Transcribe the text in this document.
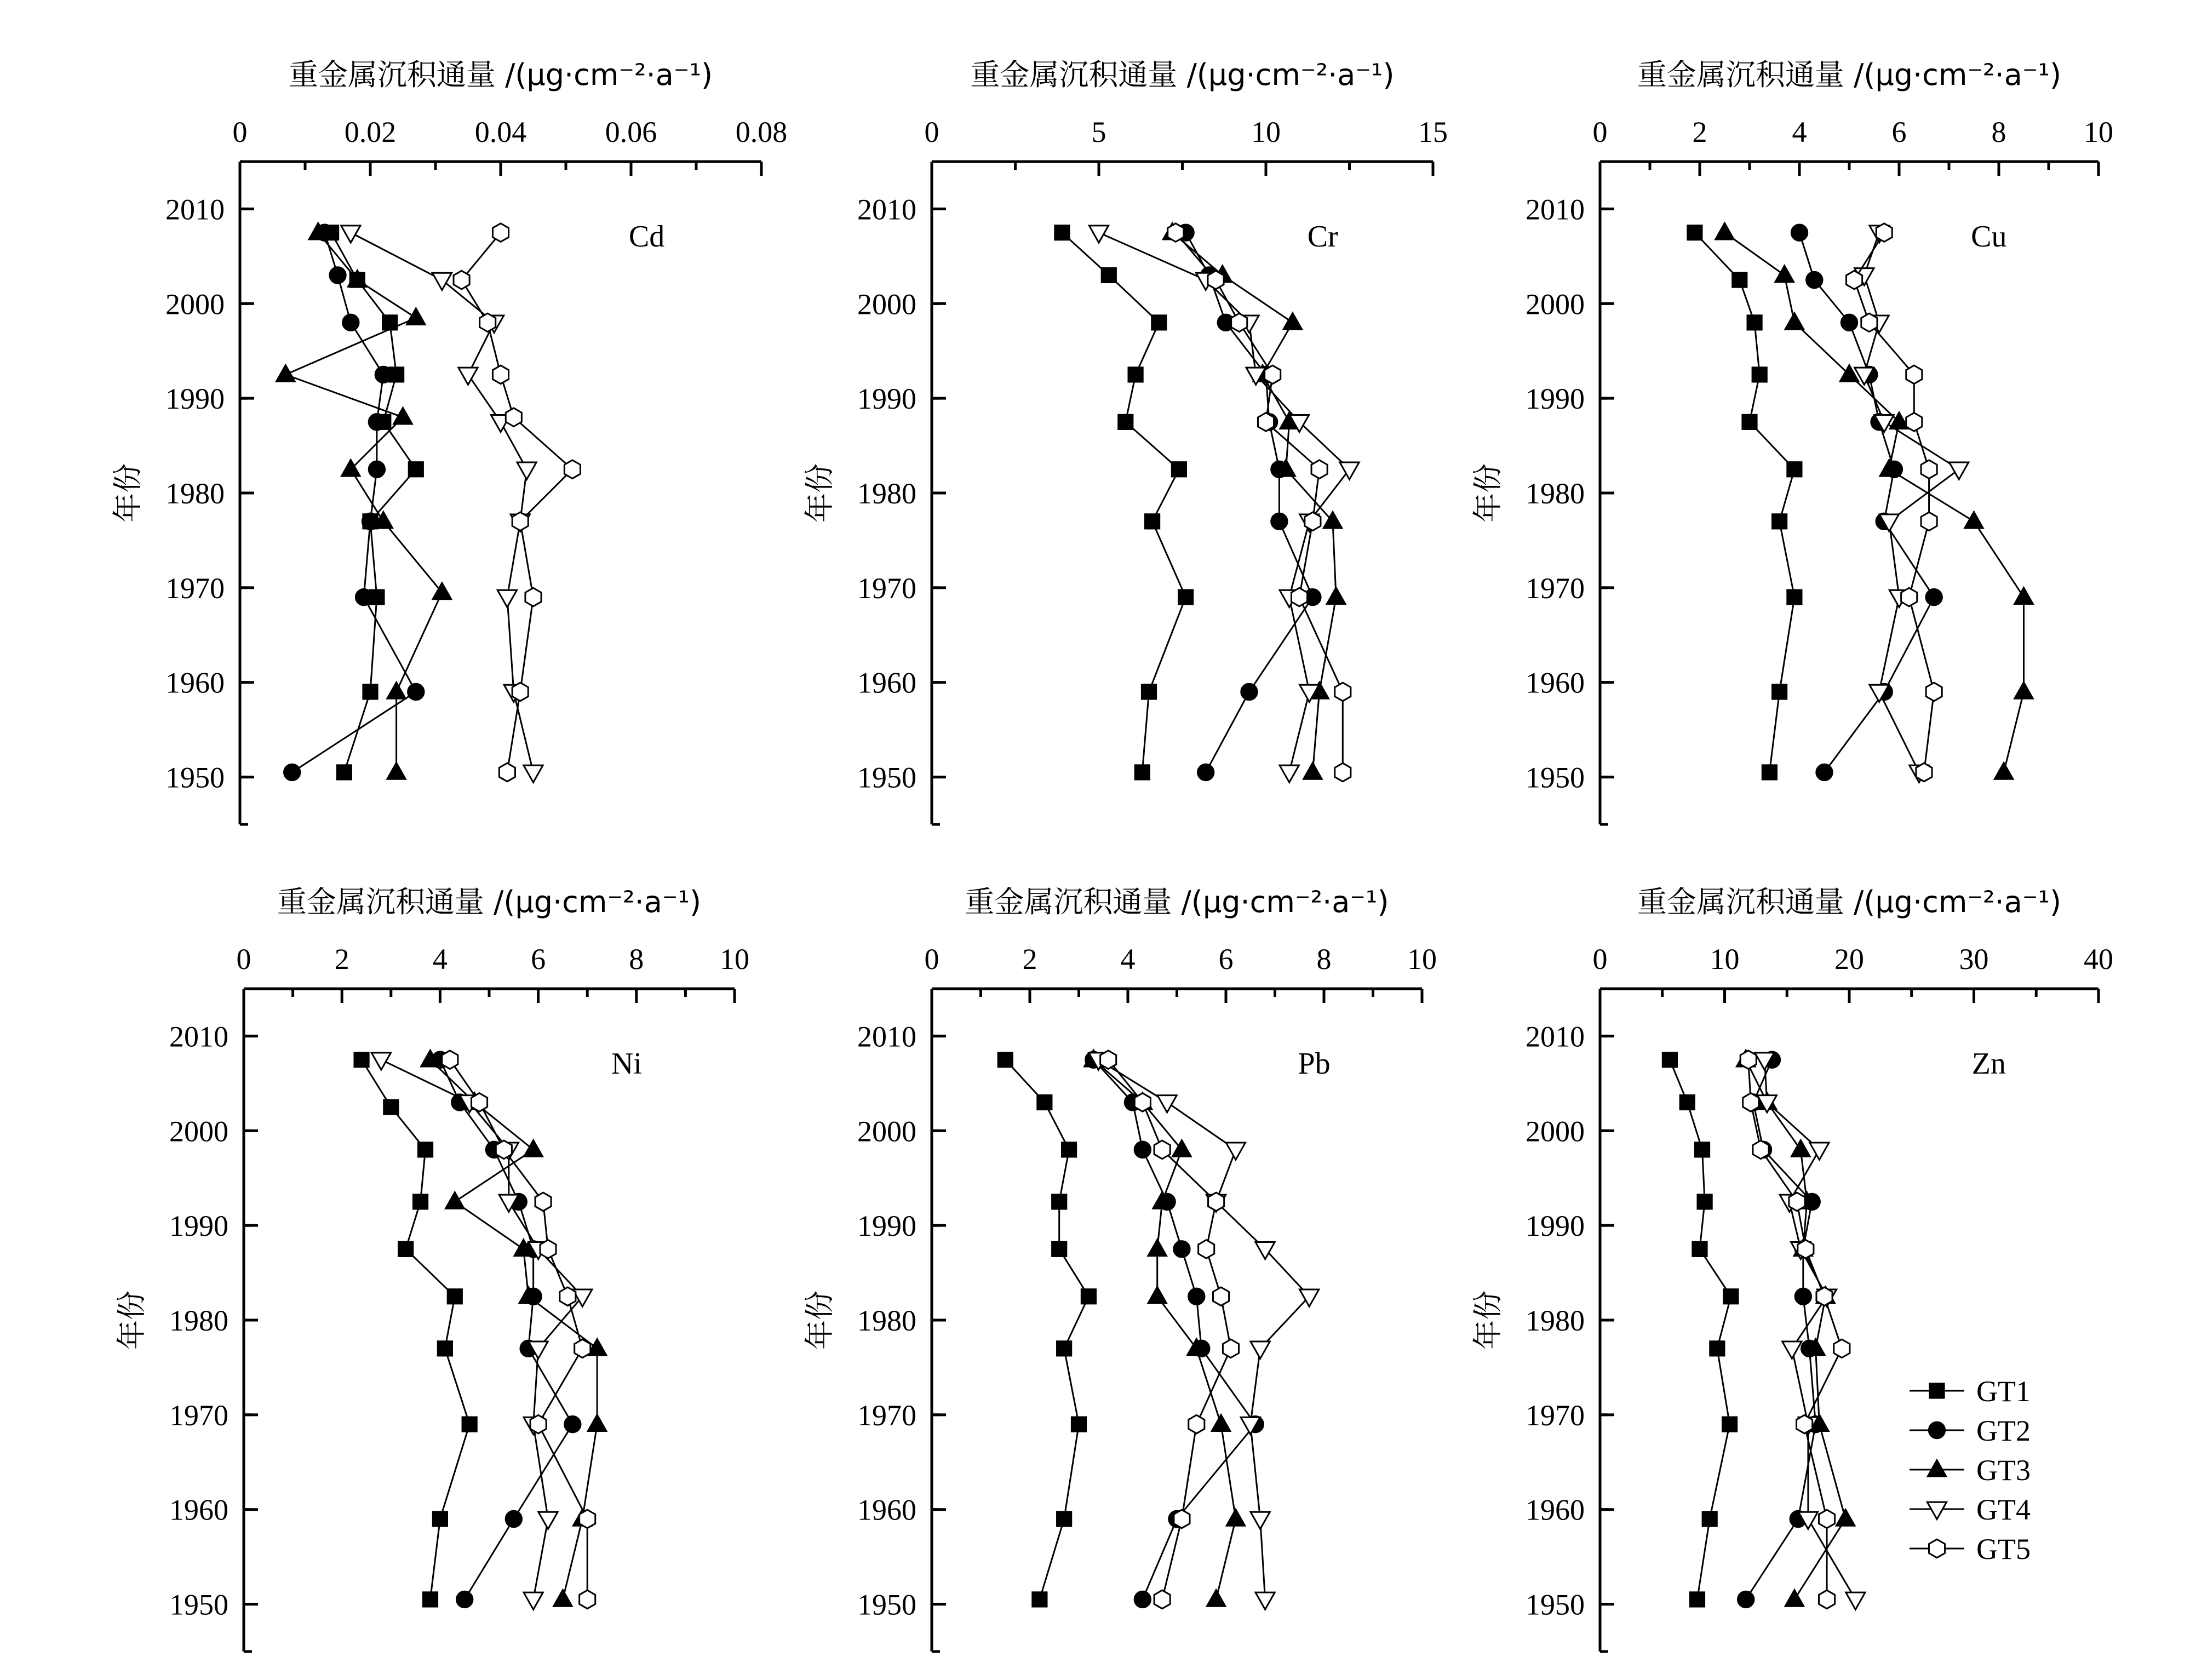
0	0.02	0.04	0.06	0.08
1950
1960
1970
1980
1990
2000
2010
重金属沉积通量 /(μg·cm⁻²·a⁻¹)
年份
Cd
0	5	10	15
1950
1960
1970
1980
1990
2000
2010
重金属沉积通量 /(μg·cm⁻²·a⁻¹)
年份
Cr
0	2	4	6	8	10
1950
1960
1970
1980
1990
2000
2010
重金属沉积通量 /(μg·cm⁻²·a⁻¹)
年份
Cu
0	2	4	6	8	10
1950
1960
1970
1980
1990
2000
2010
重金属沉积通量 /(μg·cm⁻²·a⁻¹)
年份
Ni
0	2	4	6	8	10
1950
1960
1970
1980
1990
2000
2010
重金属沉积通量 /(μg·cm⁻²·a⁻¹)
年份
Pb
0	10	20	30	40
1950
1960
1970
1980
1990
2000
2010
重金属沉积通量 /(μg·cm⁻²·a⁻¹)
年份
Zn
GT1
GT2
GT3
GT4
GT5
